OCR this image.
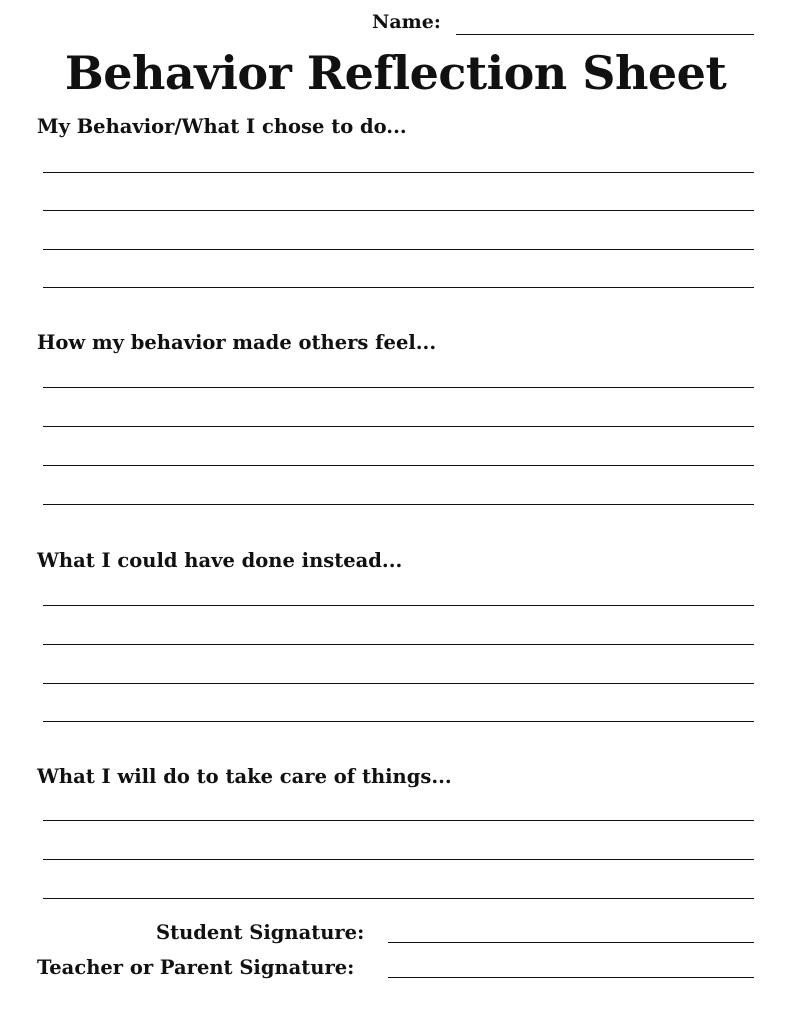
Name:
Behavior Reflection Sheet
My Behavior/What I chose to do...
How my behavior made others feel...
What I could have done instead...
What I will do to take care of things...
Student Signature:
Teacher or Parent Signature:
